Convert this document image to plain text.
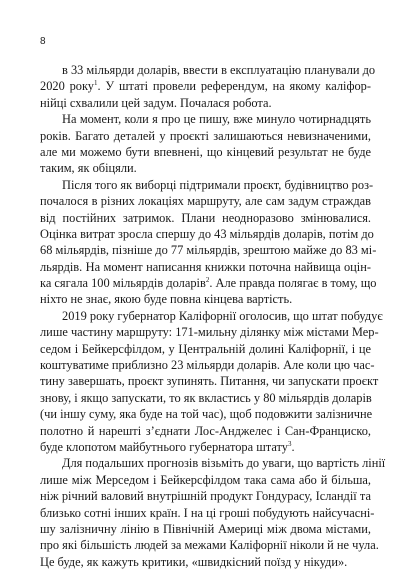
8
в 33 мільярди доларів, ввести в експлуатацію планували до
2020 року$^1$. У штаті провели референдум, на якому каліфор-
нійці схвалили цей задум. Почалася робота.
На момент, коли я про це пишу, вже минуло чотирнадцять
років. Багато деталей у проєкті залишаються невизначеними,
але ми можемо бути впевнені, що кінцевий результат не буде
таким, як обіцяли.
Після того як виборці підтримали проєкт, будівництво роз-
почалося в різних локаціях маршруту, але сам задум страждав
від постійних затримок. Плани неодноразово змінювалися.
Оцінка витрат зросла спершу до 43 мільярдів доларів, потім до
68 мільярдів, пізніше до 77 мільярдів, зрештою майже до 83 мі-
льярдів. На момент написання книжки поточна найвища оцін-
ка сягала 100 мільярдів доларів$^2$. Але правда полягає в тому, що
ніхто не знає, якою буде повна кінцева вартість.
2019 року губернатор Каліфорнії оголосив, що штат побудує
лише частину маршруту: 171-мильну ділянку між містами Мер-
седом і Бейкерсфілдом, у Центральній долині Каліфорнії, і це
коштуватиме приблизно 23 мільярди доларів. Але коли цю час-
тину завершать, проєкт зупинять. Питання, чи запускати проєкт
знову, і якщо запускати, то як вкластись у 80 мільярдів доларів
(чи іншу суму, яка буде на той час), щоб подовжити залізничне
полотно й нарешті з’єднати Лос-Анджелес і Сан-Франциско,
буде клопотом майбутнього губернатора штату$^3$.
Для подальших прогнозів візьміть до уваги, що вартість лінії
лише між Мерседом і Бейкерсфілдом така сама або й більша,
ніж річний валовий внутрішній продукт Гондурасу, Ісландії та
близько сотні інших країн. І на ці гроші побудують найсучасні-
шу залізничну лінію в Північній Америці між двома містами,
про які більшість людей за межами Каліфорнії ніколи й не чула.
Це буде, як кажуть критики, «швидкісний поїзд у нікуди».
